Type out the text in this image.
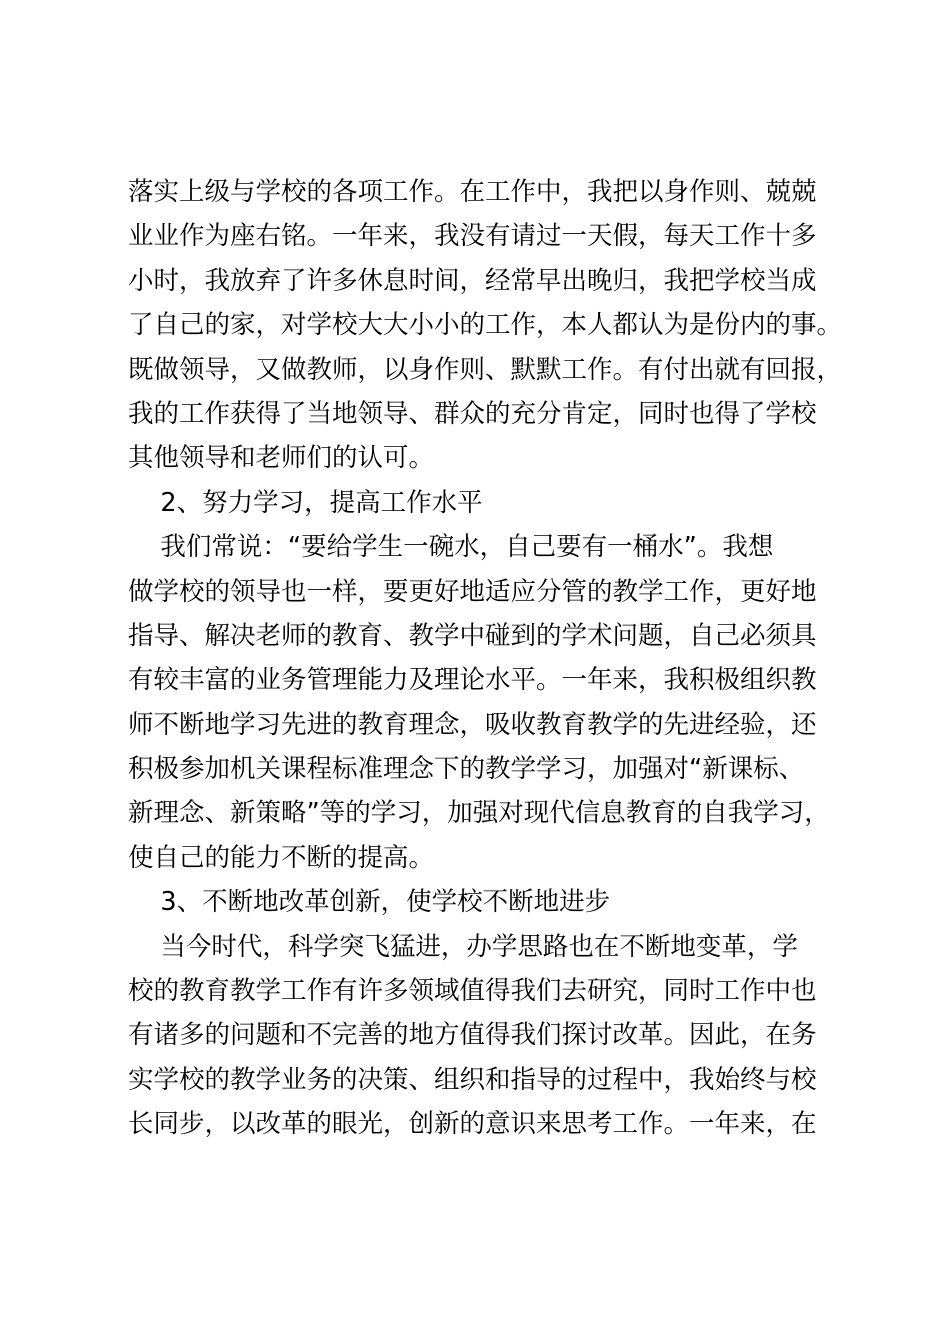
落实上级与学校的各项工作。在工作中，我把以身作则、兢兢

业业作为座右铭。一年来，我没有请过一天假，每天工作十多

小时，我放弃了许多休息时间，经常早出晚归，我把学校当成

了自己的家，对学校大大小小的工作，本人都认为是份内的事。

既做领导，又做教师，以身作则、默默工作。有付出就有回报，

我的工作获得了当地领导、群众的充分肯定，同时也得了学校

其他领导和老师们的认可。

2、努力学习，提高工作水平

我们常说：“要给学生一碗水，自己要有一桶水”。我想

做学校的领导也一样，要更好地适应分管的教学工作，更好地

指导、解决老师的教育、教学中碰到的学术问题，自己必须具

有较丰富的业务管理能力及理论水平。一年来，我积极组织教

师不断地学习先进的教育理念，吸收教育教学的先进经验，还

积极参加机关课程标准理念下的教学学习，加强对“新课标、

新理念、新策略”等的学习，加强对现代信息教育的自我学习，

使自己的能力不断的提高。

3、不断地改革创新，使学校不断地进步

当今时代，科学突飞猛进，办学思路也在不断地变革，学

校的教育教学工作有许多领域值得我们去研究，同时工作中也

有诸多的问题和不完善的地方值得我们探讨改革。因此，在务

实学校的教学业务的决策、组织和指导的过程中，我始终与校

长同步，以改革的眼光，创新的意识来思考工作。一年来，在
